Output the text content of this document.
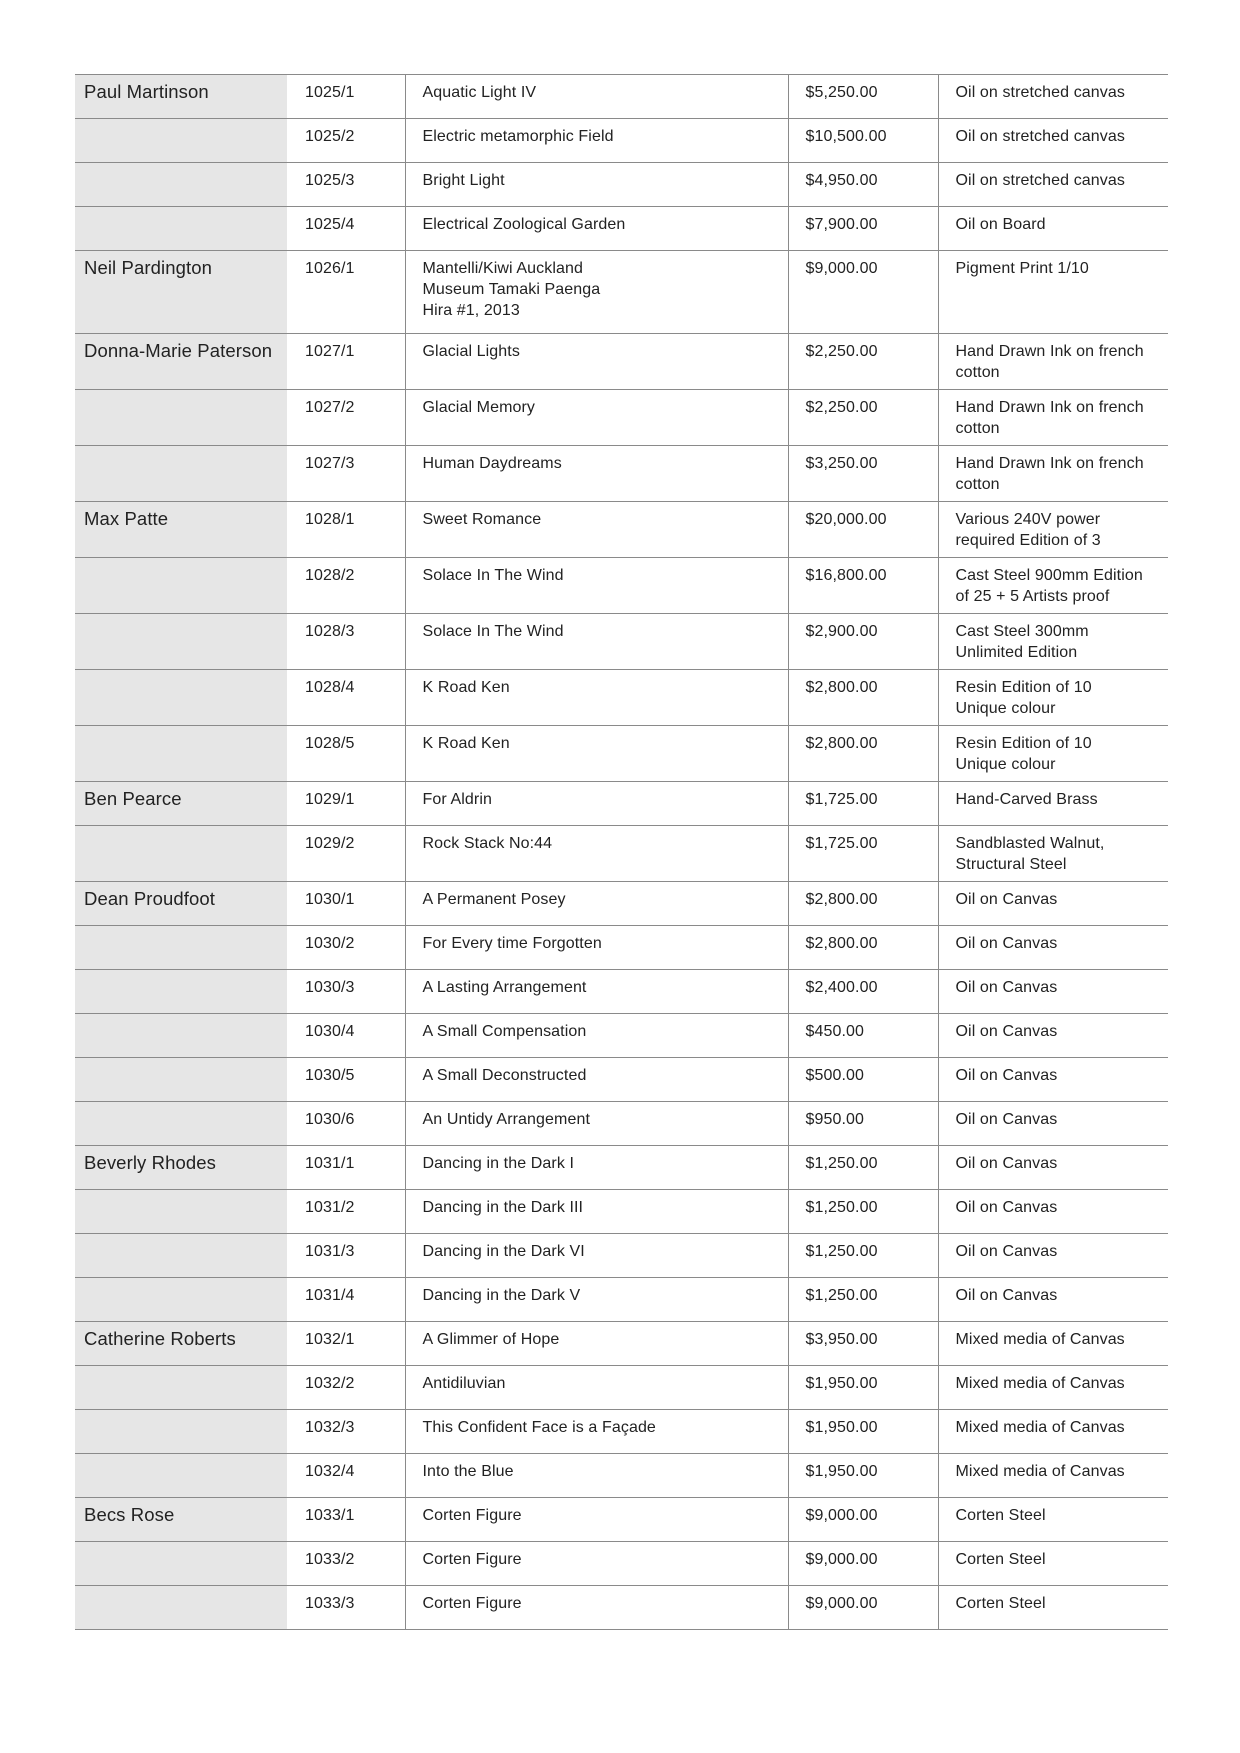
Paul Martinson	1025/1	Aquatic Light IV	$5,250.00	Oil on stretched canvas
	1025/2	Electric metamorphic Field	$10,500.00	Oil on stretched canvas
	1025/3	Bright Light	$4,950.00	Oil on stretched canvas
	1025/4	Electrical Zoological Garden	$7,900.00	Oil on Board
Neil Pardington	1026/1	Mantelli/Kiwi Auckland
Museum Tamaki Paenga
Hira #1, 2013	$9,000.00	Pigment Print 1/10
Donna-Marie Paterson	1027/1	Glacial Lights	$2,250.00	Hand Drawn Ink on french
cotton
	1027/2	Glacial Memory	$2,250.00	Hand Drawn Ink on french
cotton
	1027/3	Human Daydreams	$3,250.00	Hand Drawn Ink on french
cotton
Max Patte	1028/1	Sweet Romance	$20,000.00	Various 240V power
required Edition of 3
	1028/2	Solace In The Wind	$16,800.00	Cast Steel 900mm Edition
of 25 + 5 Artists proof
	1028/3	Solace In The Wind	$2,900.00	Cast Steel 300mm
Unlimited Edition
	1028/4	K Road Ken	$2,800.00	Resin Edition of 10
Unique colour
	1028/5	K Road Ken	$2,800.00	Resin Edition of 10
Unique colour
Ben Pearce	1029/1	For Aldrin	$1,725.00	Hand-Carved Brass
	1029/2	Rock Stack No:44	$1,725.00	Sandblasted Walnut,
Structural Steel
Dean Proudfoot	1030/1	A Permanent Posey	$2,800.00	Oil on Canvas
	1030/2	For Every time Forgotten	$2,800.00	Oil on Canvas
	1030/3	A Lasting Arrangement	$2,400.00	Oil on Canvas
	1030/4	A Small Compensation	$450.00	Oil on Canvas
	1030/5	A Small Deconstructed	$500.00	Oil on Canvas
	1030/6	An Untidy Arrangement	$950.00	Oil on Canvas
Beverly Rhodes	1031/1	Dancing in the Dark I	$1,250.00	Oil on Canvas
	1031/2	Dancing in the Dark III	$1,250.00	Oil on Canvas
	1031/3	Dancing in the Dark VI	$1,250.00	Oil on Canvas
	1031/4	Dancing in the Dark V	$1,250.00	Oil on Canvas
Catherine Roberts	1032/1	A Glimmer of Hope	$3,950.00	Mixed media of Canvas
	1032/2	Antidiluvian	$1,950.00	Mixed media of Canvas
	1032/3	This Confident Face is a Façade	$1,950.00	Mixed media of Canvas
	1032/4	Into the Blue	$1,950.00	Mixed media of Canvas
Becs Rose	1033/1	Corten Figure	$9,000.00	Corten Steel
	1033/2	Corten Figure	$9,000.00	Corten Steel
	1033/3	Corten Figure	$9,000.00	Corten Steel
